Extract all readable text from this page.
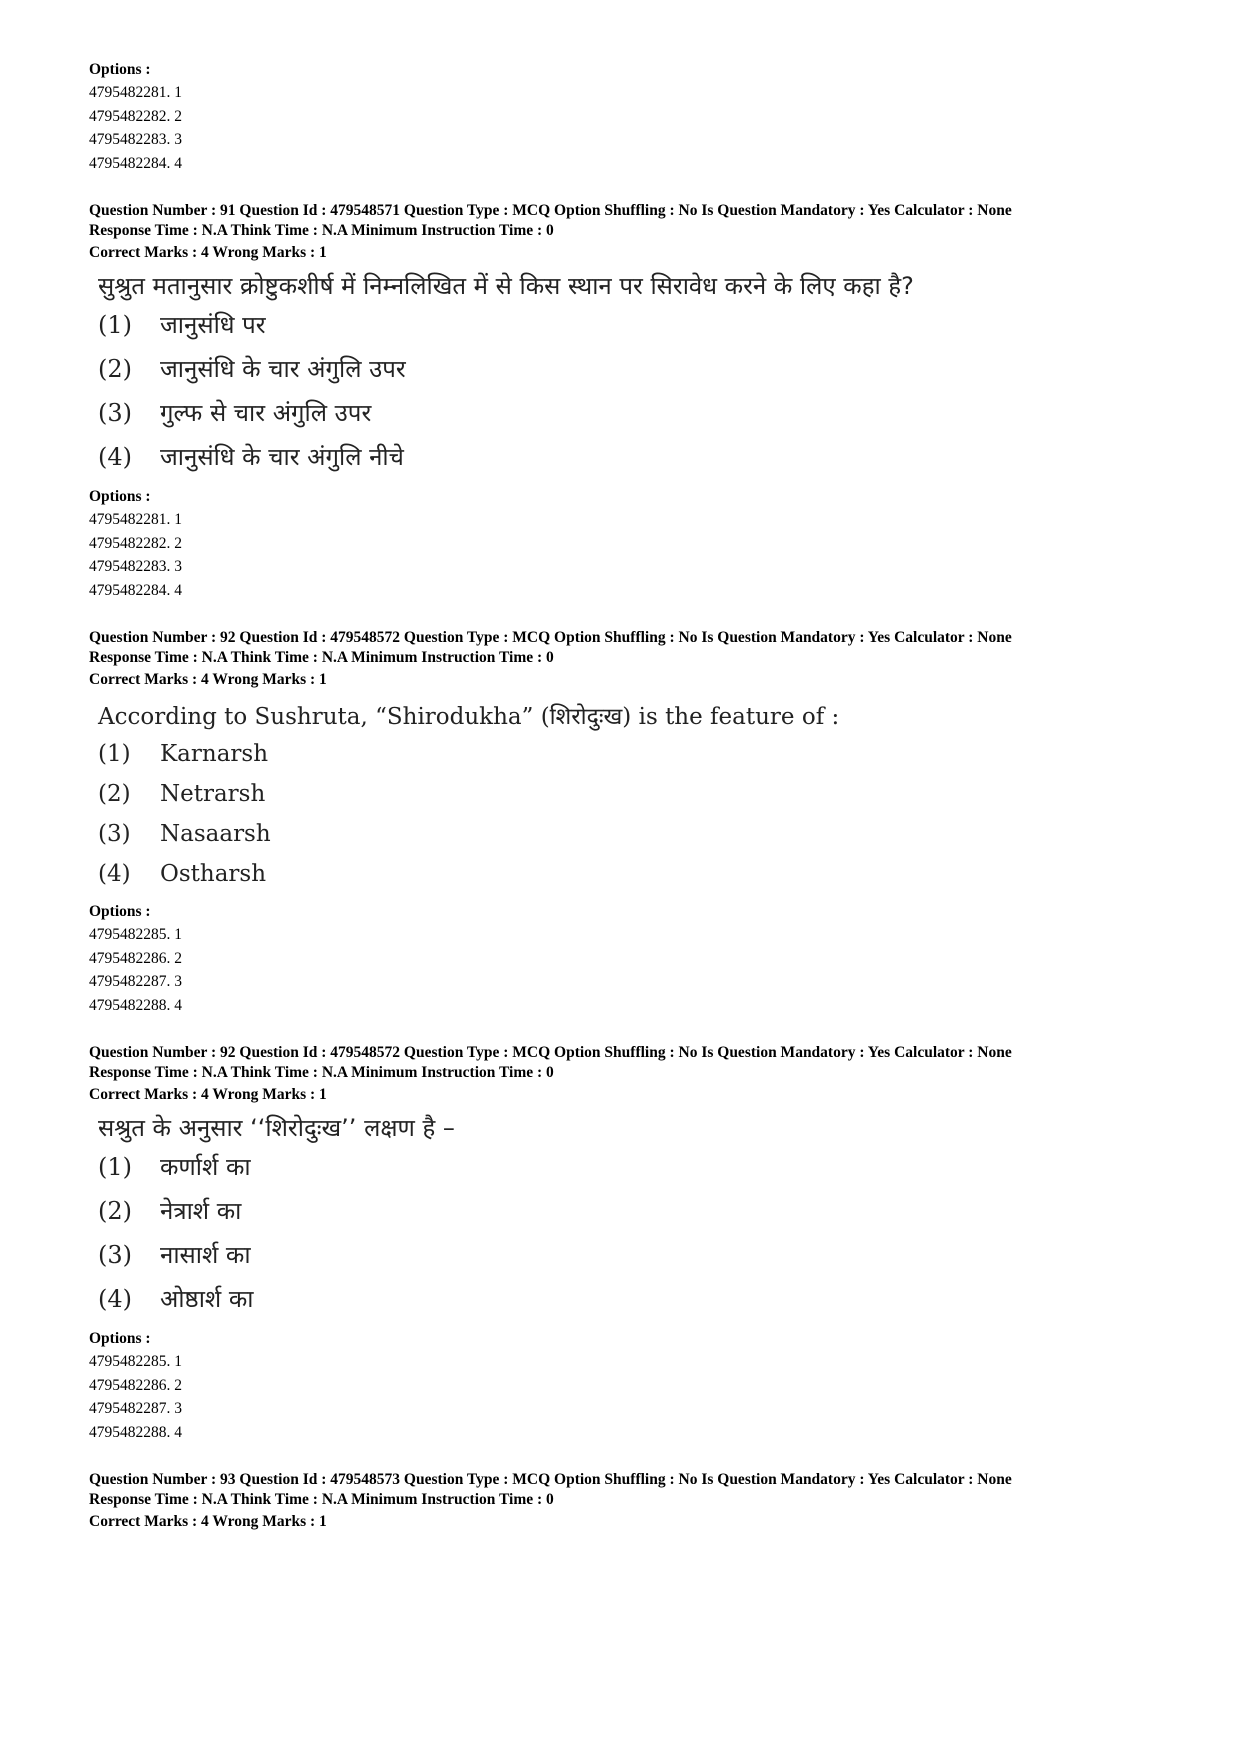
Options :
4795482281. 1
4795482282. 2
4795482283. 3
4795482284. 4
Question Number : 91 Question Id : 479548571 Question Type : MCQ Option Shuffling : No Is Question Mandatory : Yes Calculator : None
Response Time : N.A Think Time : N.A Minimum Instruction Time : 0
Correct Marks : 4 Wrong Marks : 1
सुश्रुत मतानुसार क्रोष्टुकशीर्ष में निम्नलिखित में से किस स्थान पर सिरावेध करने के लिए कहा है?
(1)	जानुसंधि पर
(2)	जानुसंधि के चार अंगुलि उपर
(3)	गुल्फ से चार अंगुलि उपर
(4)	जानुसंधि के चार अंगुलि नीचे
Options :
4795482281. 1
4795482282. 2
4795482283. 3
4795482284. 4
Question Number : 92 Question Id : 479548572 Question Type : MCQ Option Shuffling : No Is Question Mandatory : Yes Calculator : None
Response Time : N.A Think Time : N.A Minimum Instruction Time : 0
Correct Marks : 4 Wrong Marks : 1
According to Sushruta, “Shirodukha” (शिरोदुःख) is the feature of :
(1)	Karnarsh
(2)	Netrarsh
(3)	Nasaarsh
(4)	Ostharsh
Options :
4795482285. 1
4795482286. 2
4795482287. 3
4795482288. 4
Question Number : 92 Question Id : 479548572 Question Type : MCQ Option Shuffling : No Is Question Mandatory : Yes Calculator : None
Response Time : N.A Think Time : N.A Minimum Instruction Time : 0
Correct Marks : 4 Wrong Marks : 1
सश्रुत के अनुसार ‘‘शिरोदुःख’’ लक्षण है –
(1)	कर्णार्श का
(2)	नेत्रार्श का
(3)	नासार्श का
(4)	ओष्ठार्श का
Options :
4795482285. 1
4795482286. 2
4795482287. 3
4795482288. 4
Question Number : 93 Question Id : 479548573 Question Type : MCQ Option Shuffling : No Is Question Mandatory : Yes Calculator : None
Response Time : N.A Think Time : N.A Minimum Instruction Time : 0
Correct Marks : 4 Wrong Marks : 1
